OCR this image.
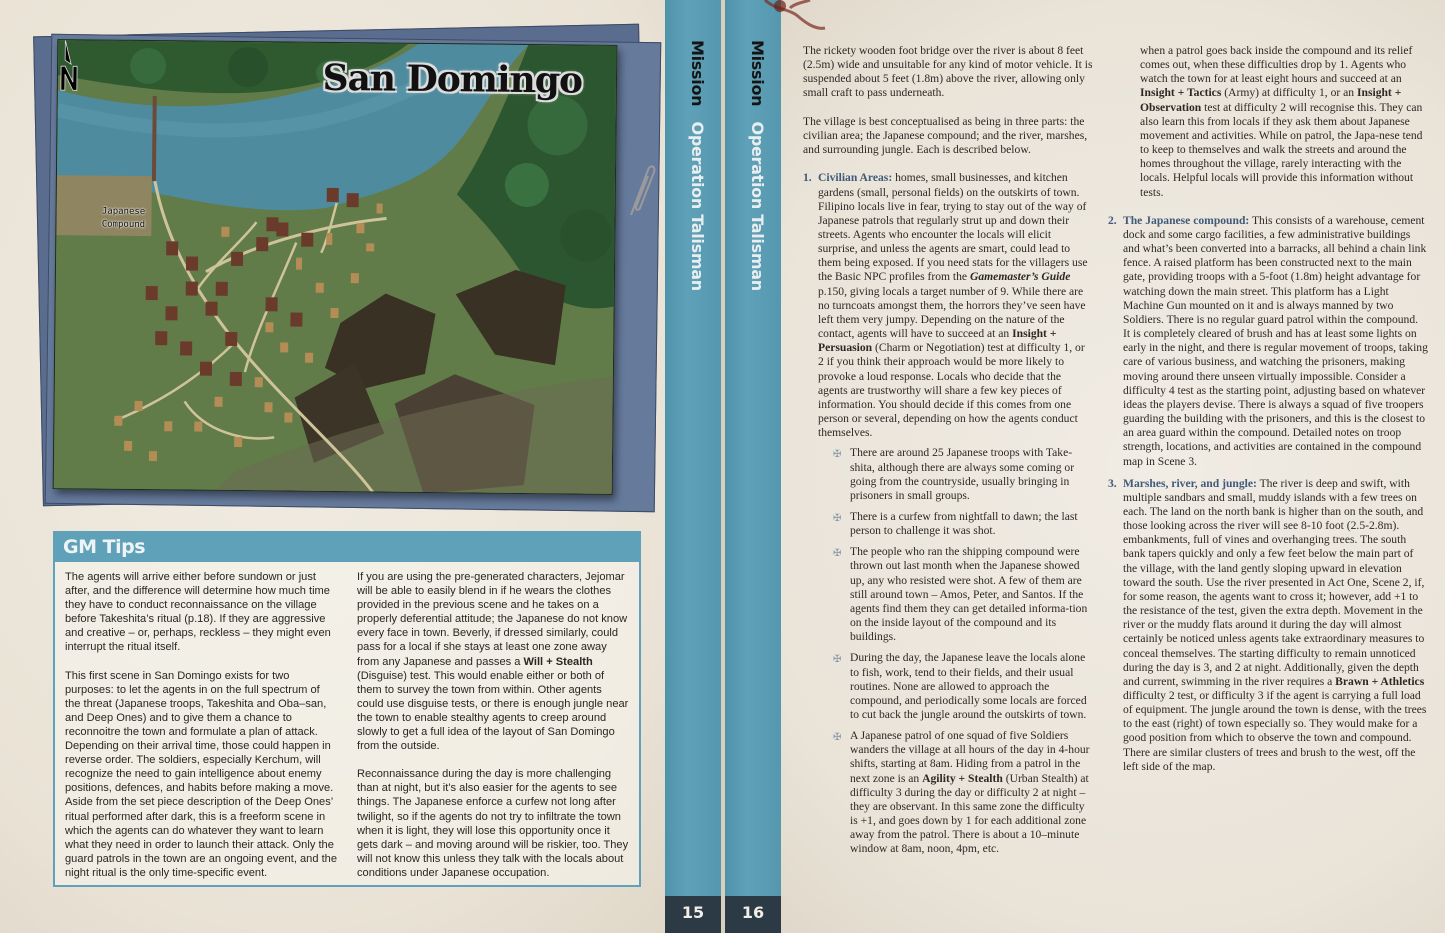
San Domingo
Japanese
Compound
GM Tips

The agents will arrive either before sundown or just after, and the difference will determine how much time they have to conduct reconnaissance on the village before Takeshita’s ritual (p.18). If they are aggressive and creative – or, perhaps, reckless – they might even interrupt the ritual itself.

This first scene in San Domingo exists for two purposes: to let the agents in on the full spectrum of the threat (Japanese troops, Takeshita and Oba–san, and Deep Ones) and to give them a chance to reconnoitre the town and formulate a plan of attack. Depending on their arrival time, those could happen in reverse order. The soldiers, especially Kerchum, will recognize the need to gain intelligence about enemy positions, defences, and habits before making a move. Aside from the set piece description of the Deep Ones’ ritual performed after dark, this is a freeform scene in which the agents can do whatever they want to learn what they need in order to launch their attack. Only the guard patrols in the town are an ongoing event, and the night ritual is the only time-specific event.

If you are using the pre-generated characters, Jejomar will be able to easily blend in if he wears the clothes provided in the previous scene and he takes on a properly deferential attitude; the Japanese do not know every face in town. Beverly, if dressed similarly, could pass for a local if she stays at least one zone away from any Japanese and passes a Will + Stealth (Disguise) test. This would enable either or both of them to survey the town from within. Other agents could use disguise tests, or there is enough jungle near the town to enable stealthy agents to creep around slowly to get a full idea of the layout of San Domingo from the outside.

Reconnaissance during the day is more challenging than at night, but it’s also easier for the agents to see things. The Japanese enforce a curfew not long after twilight, so if the agents do not try to infiltrate the town when it is light, they will lose this opportunity once it gets dark – and moving around will be riskier, too. They will not know this unless they talk with the locals about conditions under Japanese occupation.

Mission Operation Talisman
Mission Operation Talisman
15	16

The rickety wooden foot bridge over the river is about 8 feet (2.5m) wide and unsuitable for any kind of motor vehicle. It is suspended about 5 feet (1.8m) above the river, allowing only small craft to pass underneath.

The village is best conceptualised as being in three parts: the civilian area; the Japanese compound; and the river, marshes, and surrounding jungle. Each is described below.

1. Civilian Areas: homes, small businesses, and kitchen gardens (small, personal fields) on the outskirts of town. Filipino locals live in fear, trying to stay out of the way of Japanese patrols that regularly strut up and down their streets. Agents who encounter the locals will elicit surprise, and unless the agents are smart, could lead to them being exposed. If you need stats for the villagers use the Basic NPC profiles from the Gamemaster’s Guide p.150, giving locals a target number of 9. While there are no turncoats amongst them, the horrors they’ve seen have left them very jumpy. Depending on the nature of the contact, agents will have to succeed at an Insight + Persuasion (Charm or Negotiation) test at difficulty 1, or 2 if you think their approach would be more likely to provoke a loud response. Locals who decide that the agents are trustworthy will share a few key pieces of information. You should decide if this comes from one person or several, depending on how the agents conduct themselves.
✠ There are around 25 Japanese troops with Take-shita, although there are always some coming or going from the countryside, usually bringing in prisoners in small groups.
✠ There is a curfew from nightfall to dawn; the last person to challenge it was shot.
✠ The people who ran the shipping compound were thrown out last month when the Japanese showed up, any who resisted were shot. A few of them are still around town – Amos, Peter, and Santos. If the agents find them they can get detailed informa-tion on the inside layout of the compound and its buildings.
✠ During the day, the Japanese leave the locals alone to fish, work, tend to their fields, and their usual routines. None are allowed to approach the compound, and periodically some locals are forced to cut back the jungle around the outskirts of town.
✠ A Japanese patrol of one squad of five Soldiers wanders the village at all hours of the day in 4-hour shifts, starting at 8am. Hiding from a patrol in the next zone is an Agility + Stealth (Urban Stealth) at difficulty 3 during the day or difficulty 2 at night – they are observant. In this same zone the difficulty is +1, and goes down by 1 for each additional zone away from the patrol. There is about a 10–minute window at 8am, noon, 4pm, etc.

when a patrol goes back inside the compound and its relief comes out, when these difficulties drop by 1. Agents who watch the town for at least eight hours and succeed at an Insight + Tactics (Army) at difficulty 1, or an Insight + Observation test at difficulty 2 will recognise this. They can also learn this from locals if they ask them about Japanese movement and activities. While on patrol, the Japa-nese tend to keep to themselves and walk the streets and around the homes throughout the village, rarely interacting with the locals. Helpful locals will provide this information without tests.

2. The Japanese compound: This consists of a warehouse, cement dock and some cargo facilities, a few administrative buildings and what’s been converted into a barracks, all behind a chain link fence. A raised platform has been constructed next to the main gate, providing troops with a 5-foot (1.8m) height advantage for watching down the main street. This platform has a Light Machine Gun mounted on it and is always manned by two Soldiers. There is no regular guard patrol within the compound. It is completely cleared of brush and has at least some lights on early in the night, and there is regular movement of troops, taking care of various business, and watching the prisoners, making moving around there unseen virtually impossible. Consider a difficulty 4 test as the starting point, adjusting based on whatever ideas the players devise. There is always a squad of five troopers guarding the building with the prisoners, and this is the closest to an area guard within the compound. Detailed notes on troop strength, locations, and activities are contained in the compound map in Scene 3.
3. Marshes, river, and jungle: The river is deep and swift, with multiple sandbars and small, muddy islands with a few trees on each. The land on the north bank is higher than on the south, and those looking across the river will see 8-10 foot (2.5-2.8m). embankments, full of vines and overhanging trees. The south bank tapers quickly and only a few feet below the main part of the village, with the land gently sloping upward in elevation toward the south. Use the river presented in Act One, Scene 2, if, for some reason, the agents want to cross it; however, add +1 to the resistance of the test, given the extra depth. Movement in the river or the muddy flats around it during the day will almost certainly be noticed unless agents take extraordinary measures to conceal themselves. The starting difficulty to remain unnoticed during the day is 3, and 2 at night. Additionally, given the depth and current, swimming in the river requires a Brawn + Athletics difficulty 2 test, or difficulty 3 if the agent is carrying a full load of equipment. The jungle around the town is dense, with the trees to the east (right) of town especially so. They would make for a good position from which to observe the town and compound. There are similar clusters of trees and brush to the west, off the left side of the map.
